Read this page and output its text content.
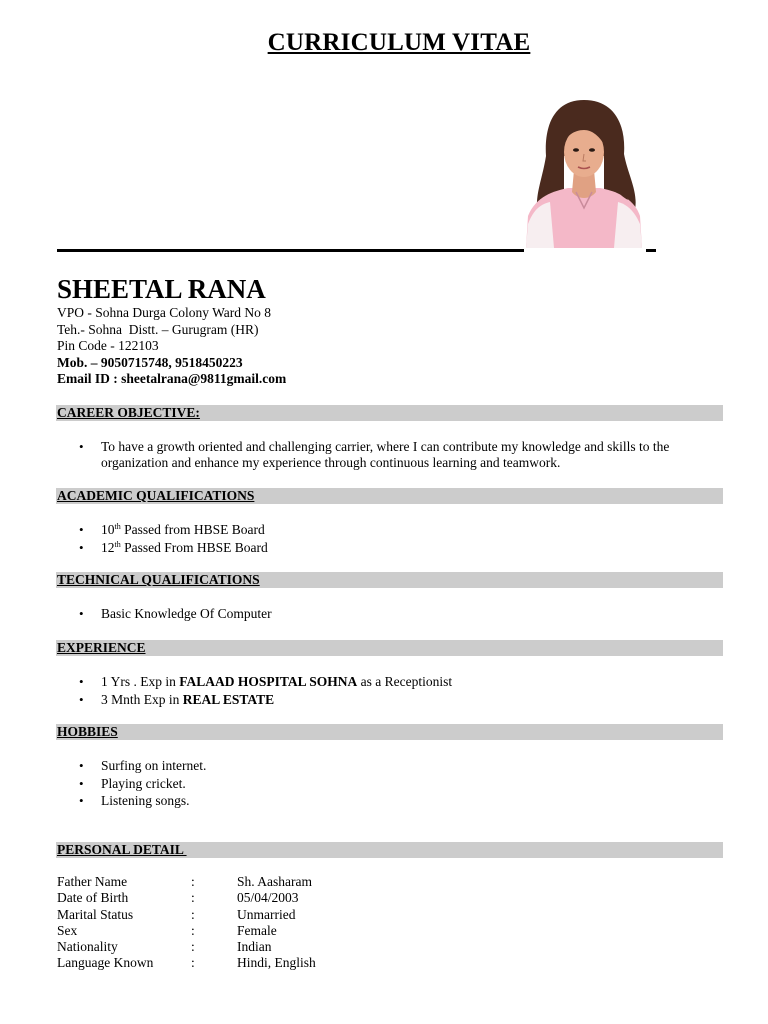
CURRICULUM VITAE
SHEETAL RANA
VPO - Sohna Durga Colony Ward No 8
Teh.- Sohna  Distt. – Gurugram (HR)
Pin Code - 122103
Mob. – 9050715748, 9518450223
Email ID : sheetalrana@9811gmail.com
CAREER OBJECTIVE:
• To have a growth oriented and challenging carrier, where I can contribute my knowledge and skills to the organization and enhance my experience through continuous learning and teamwork.
ACADEMIC QUALIFICATIONS
• 10th Passed from HBSE Board
• 12th Passed From HBSE Board
TECHNICAL QUALIFICATIONS
• Basic Knowledge Of Computer
EXPERIENCE
• 1 Yrs . Exp in FALAAD HOSPITAL SOHNA as a Receptionist
• 3 Mnth Exp in REAL ESTATE
HOBBIES
• Surfing on internet.
• Playing cricket.
• Listening songs.
PERSONAL DETAIL
Father Name	:	Sh. Aasharam
Date of Birth	:	05/04/2003
Marital Status	:	Unmarried
Sex	:	Female
Nationality	:	Indian
Language Known	:	Hindi, English
